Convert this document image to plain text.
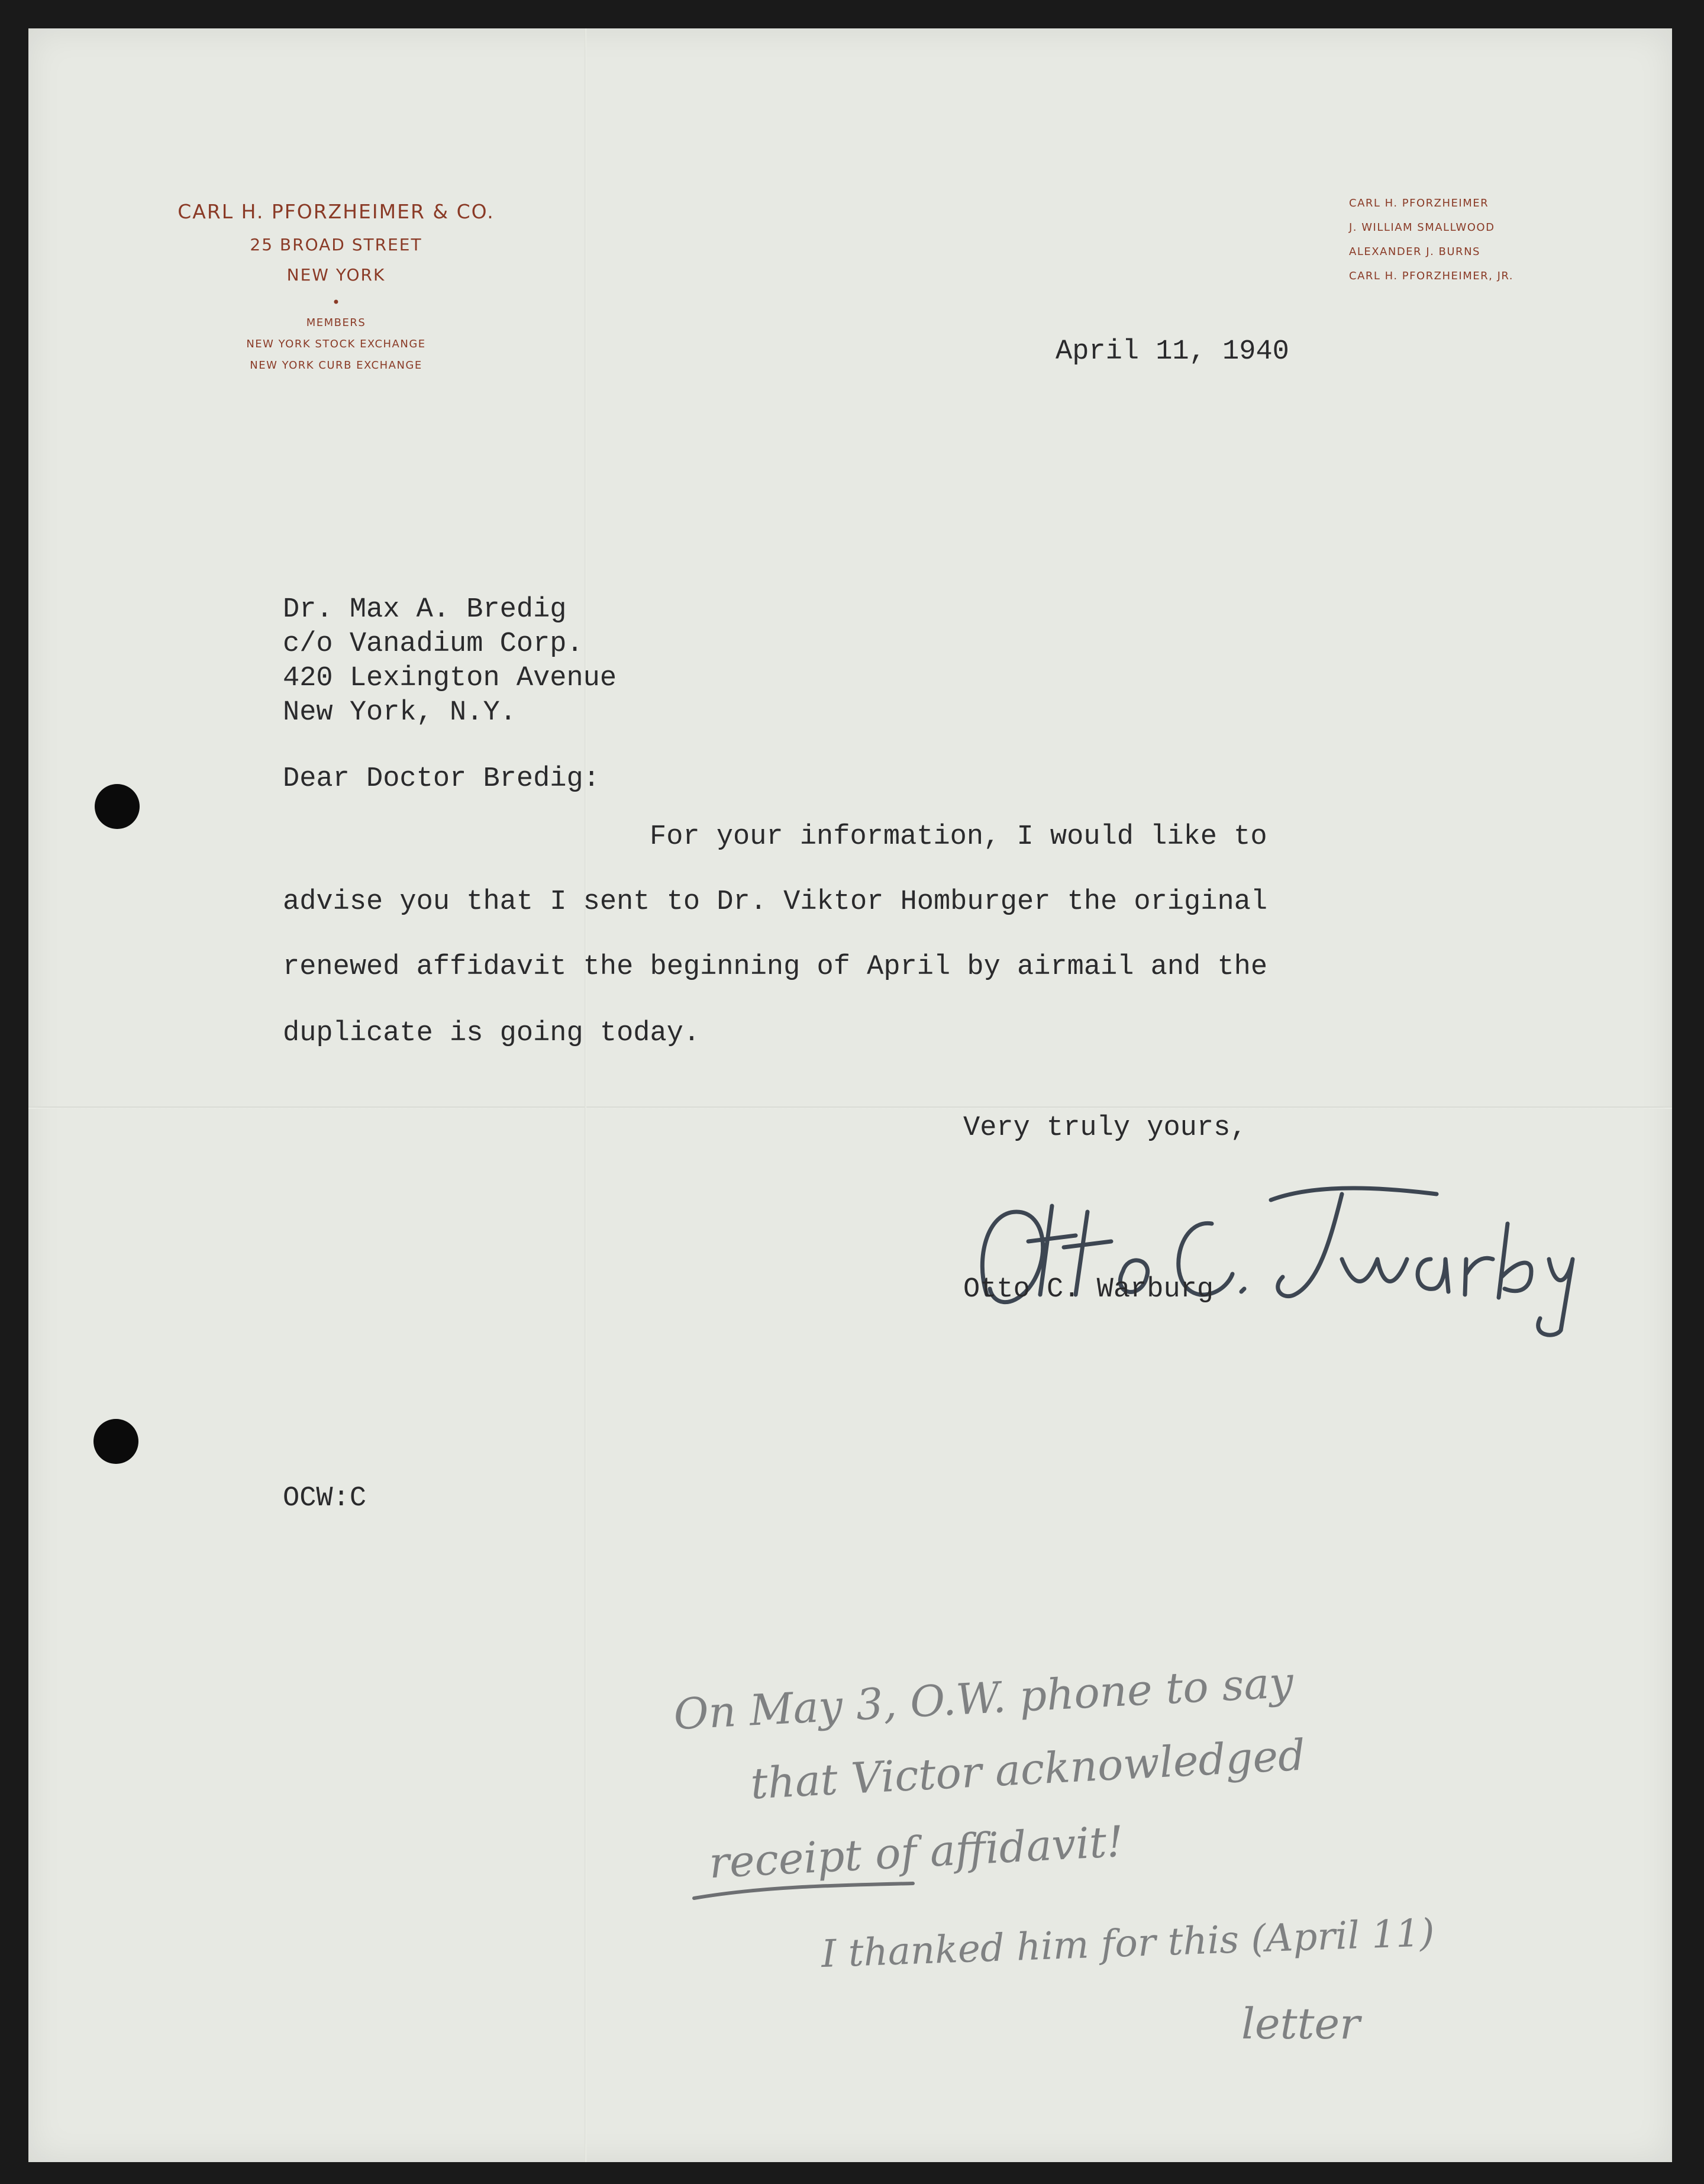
CARL H. PFORZHEIMER & CO.
25 BROAD STREET
NEW YORK
•
MEMBERS
NEW YORK STOCK EXCHANGE
NEW YORK CURB EXCHANGE
CARL H. PFORZHEIMER
J. WILLIAM SMALLWOOD
ALEXANDER J. BURNS
CARL H. PFORZHEIMER, JR.
April 11, 1940
Dr. Max A. Bredig
c/o Vanadium Corp.
420 Lexington Avenue
New York, N.Y.
Dear Doctor Bredig:
For your information, I would like to
advise you that I sent to Dr. Viktor Homburger the original
renewed affidavit the beginning of April by airmail and the
duplicate is going today.
Very truly yours,
Otto C. Warburg
OCW:C
On May 3, O.W. phone to say
that Victor acknowledged
receipt of affidavit!
I thanked him for this (April 11)
letter
